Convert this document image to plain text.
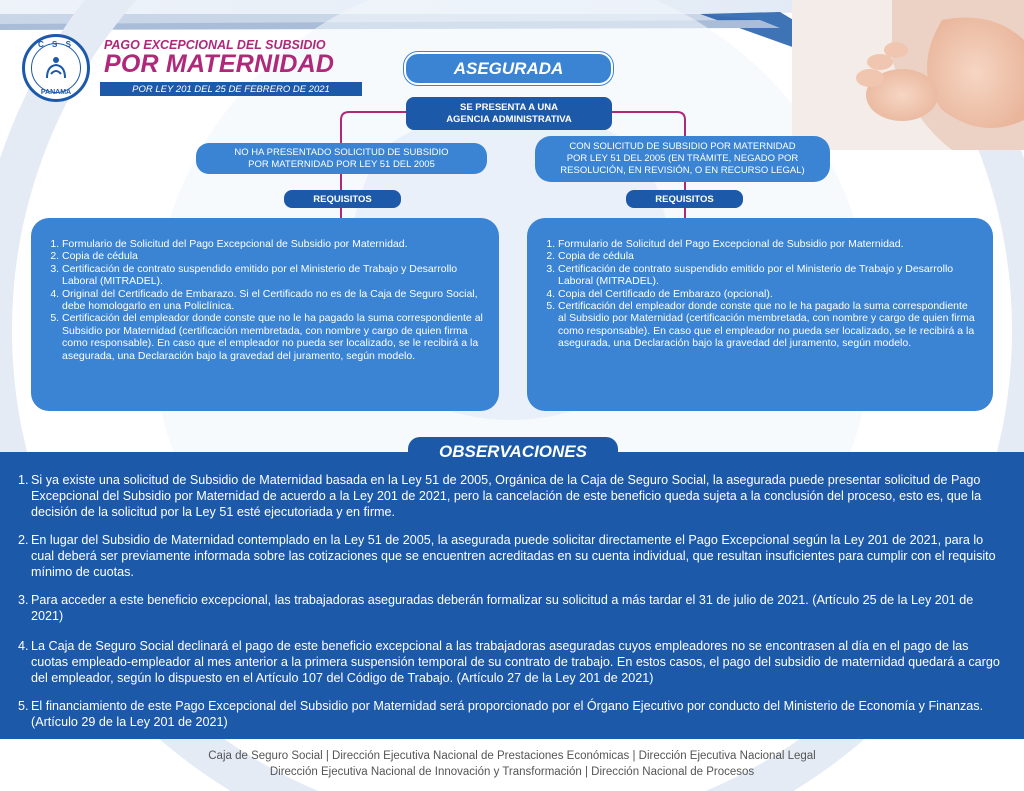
C S S
PANAMA
PAGO EXCEPCIONAL DEL SUBSIDIO
POR MATERNIDAD
POR LEY 201 DEL 25 DE FEBRERO DE 2021
ASEGURADA
SE PRESENTA A UNA
AGENCIA ADMINISTRATIVA
NO HA PRESENTADO SOLICITUD DE SUBSIDIO
POR MATERNIDAD POR LEY 51 DEL 2005
CON SOLICITUD DE SUBSIDIO POR MATERNIDAD
POR LEY 51 DEL 2005 (EN TRÁMITE, NEGADO POR
RESOLUCIÓN, EN REVISIÓN, O EN RECURSO LEGAL)
REQUISITOS	REQUISITOS
1. Formulario de Solicitud del Pago Excepcional de Subsidio por Maternidad.
2. Copia de cédula
3. Certificación de contrato suspendido emitido por el Ministerio de Trabajo y Desarrollo Laboral (MITRADEL).
4. Original del Certificado de Embarazo. Si el Certificado no es de la Caja de Seguro Social, debe homologarlo en una Policlínica.
5. Certificación del empleador donde conste que no le ha pagado la suma correspondiente al Subsidio por Maternidad (certificación membretada, con nombre y cargo de quien firma como responsable). En caso que el empleador no pueda ser localizado, se le recibirá a la asegurada, una Declaración bajo la gravedad del juramento, según modelo.
1. Formulario de Solicitud del Pago Excepcional de Subsidio por Maternidad.
2. Copia de cédula
3. Certificación de contrato suspendido emitido por el Ministerio de Trabajo y Desarrollo Laboral (MITRADEL).
4. Copia del Certificado de Embarazo (opcional).
5. Certificación del empleador donde conste que no le ha pagado la suma correspondiente al Subsidio por Maternidad (certificación membretada, con nombre y cargo de quien firma como responsable). En caso que el empleador no pueda ser localizado, se le recibirá a la asegurada, una Declaración bajo la gravedad del juramento, según modelo.
OBSERVACIONES
1. Si ya existe una solicitud de Subsidio de Maternidad basada en la Ley 51 de 2005, Orgánica de la Caja de Seguro Social, la asegurada puede presentar solicitud de Pago Excepcional del Subsidio por Maternidad de acuerdo a la Ley 201 de 2021, pero la cancelación de este beneficio queda sujeta a la conclusión del proceso, esto es, que la decisión de la solicitud por la Ley 51 esté ejecutoriada y en firme.
2. En lugar del Subsidio de Maternidad contemplado en la Ley 51 de 2005, la asegurada puede solicitar directamente el Pago Excepcional según la Ley 201 de 2021, para lo cual deberá ser previamente informada sobre las cotizaciones que se encuentren acreditadas en su cuenta individual, que resultan insuficientes para cumplir con el requisito mínimo de cuotas.
3. Para acceder a este beneficio excepcional, las trabajadoras aseguradas deberán formalizar su solicitud a más tardar el 31 de julio de 2021. (Artículo 25 de la Ley 201 de 2021)
4. La Caja de Seguro Social declinará el pago de este beneficio excepcional a las trabajadoras aseguradas cuyos empleadores no se encontrasen al día en el pago de las cuotas empleado-empleador al mes anterior a la primera suspensión temporal de su contrato de trabajo. En estos casos, el pago del subsidio de maternidad quedará a cargo del empleador, según lo dispuesto en el Artículo 107 del Código de Trabajo. (Artículo 27 de la Ley 201 de 2021)
5. El financiamiento de este Pago Excepcional del Subsidio por Maternidad será proporcionado por el Órgano Ejecutivo por conducto del Ministerio de Economía y Finanzas. (Artículo 29 de la Ley 201 de 2021)
Caja de Seguro Social | Dirección Ejecutiva Nacional de Prestaciones Económicas | Dirección Ejecutiva Nacional Legal
Dirección Ejecutiva Nacional de Innovación y Transformación | Dirección Nacional de Procesos
